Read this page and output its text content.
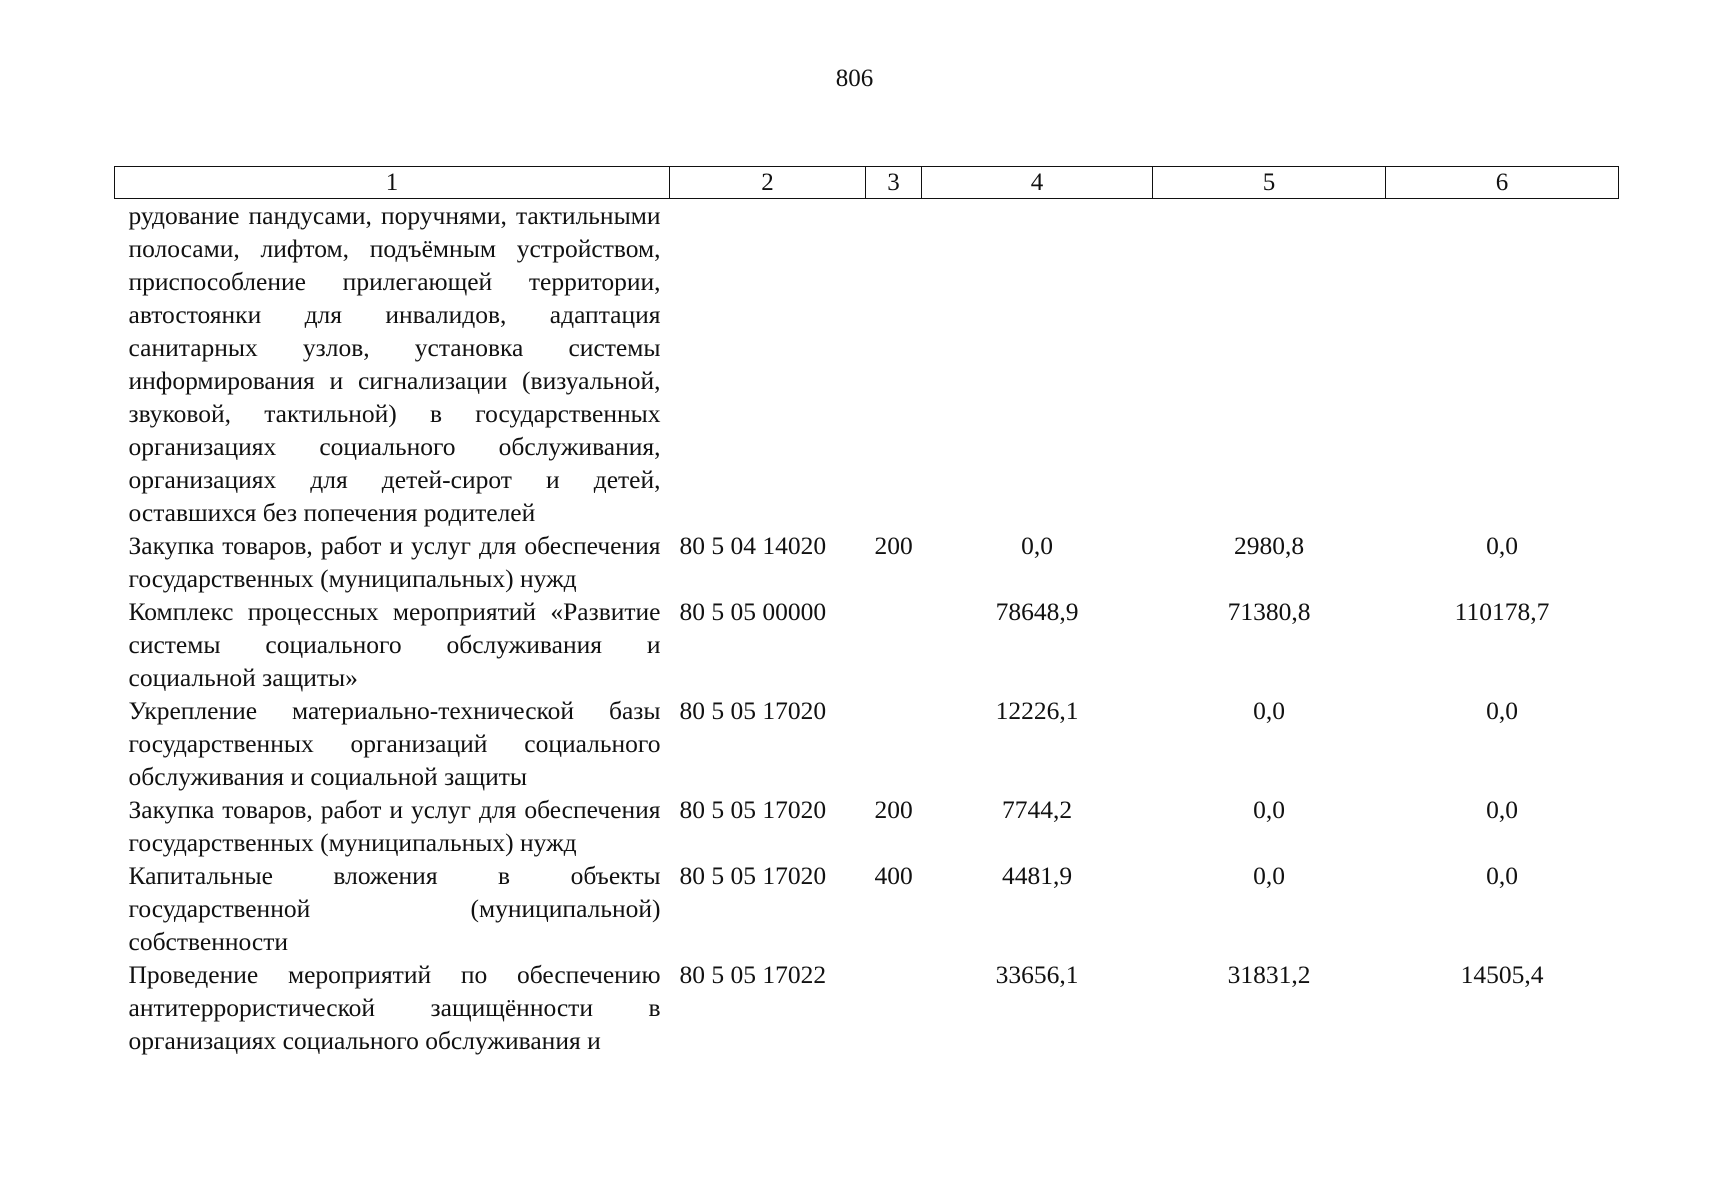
806
1	2	3	4	5	6
рудование пандусами, поручнями, тактильными полосами, лифтом, подъёмным устройством, приспособление прилегающей территории, автостоянки для инвалидов, адаптация санитарных узлов, установка системы информирования и сигнализации (визуальной, звуковой, тактильной) в государственных организациях социального обслуживания, организациях для детей-сирот и детей, оставшихся без попечения родителей					
Закупка товаров, работ и услуг для обеспечения государственных (муниципальных) нужд	80 5 04 14020	200	0,0	2980,8	0,0
Комплекс процессных мероприятий «Развитие системы социального обслуживания и социальной защиты»	80 5 05 00000		78648,9	71380,8	110178,7
Укрепление материально-технической базы государственных организаций социального обслуживания и социальной защиты	80 5 05 17020		12226,1	0,0	0,0
Закупка товаров, работ и услуг для обеспечения государственных (муниципальных) нужд	80 5 05 17020	200	7744,2	0,0	0,0
Капитальные вложения в объекты государственной (муниципальной) собственности	80 5 05 17020	400	4481,9	0,0	0,0
Проведение мероприятий по обеспечению антитеррористической защищённости в организациях социального обслуживания и	80 5 05 17022		33656,1	31831,2	14505,4
